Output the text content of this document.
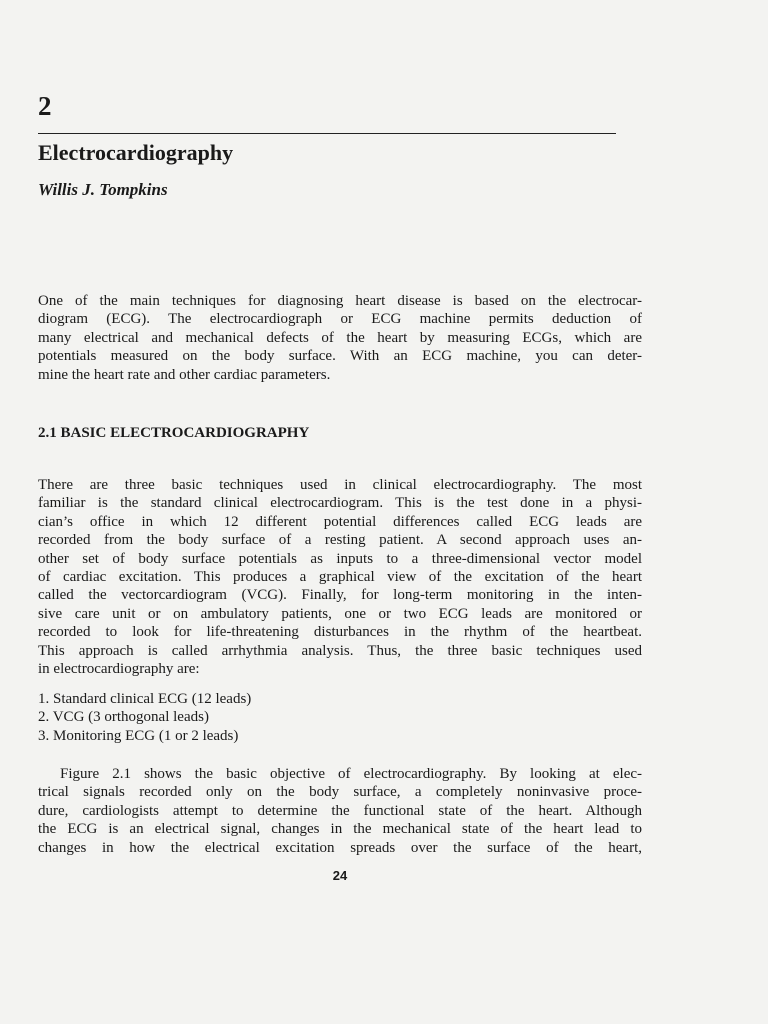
2
Electrocardiography
Willis J. Tompkins
One of the main techniques for diagnosing heart disease is based on the electrocar-
diogram (ECG). The electrocardiograph or ECG machine permits deduction of
many electrical and mechanical defects of the heart by measuring ECGs, which are
potentials measured on the body surface. With an ECG machine, you can deter-
mine the heart rate and other cardiac parameters.
2.1 BASIC ELECTROCARDIOGRAPHY
There are three basic techniques used in clinical electrocardiography. The most
familiar is the standard clinical electrocardiogram. This is the test done in a physi-
cian’s office in which 12 different potential differences called ECG leads are
recorded from the body surface of a resting patient. A second approach uses an-
other set of body surface potentials as inputs to a three-dimensional vector model
of cardiac excitation. This produces a graphical view of the excitation of the heart
called the vectorcardiogram (VCG). Finally, for long-term monitoring in the inten-
sive care unit or on ambulatory patients, one or two ECG leads are monitored or
recorded to look for life-threatening disturbances in the rhythm of the heartbeat.
This approach is called arrhythmia analysis. Thus, the three basic techniques used
in electrocardiography are:
1. Standard clinical ECG (12 leads)
2. VCG (3 orthogonal leads)
3. Monitoring ECG (1 or 2 leads)
Figure 2.1 shows the basic objective of electrocardiography. By looking at elec-
trical signals recorded only on the body surface, a completely noninvasive proce-
dure, cardiologists attempt to determine the functional state of the heart. Although
the ECG is an electrical signal, changes in the mechanical state of the heart lead to
changes in how the electrical excitation spreads over the surface of the heart,
24
